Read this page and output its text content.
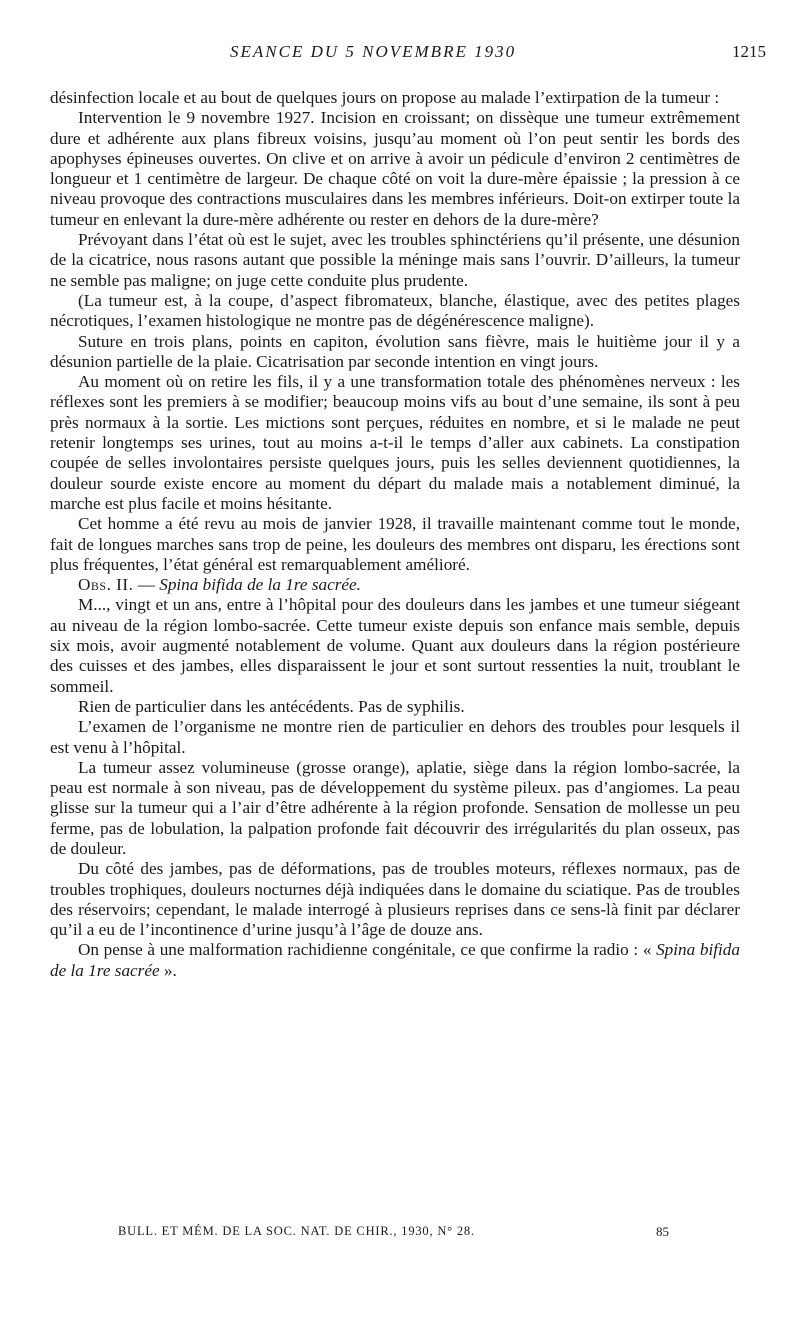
SEANCE DU 5 NOVEMBRE 1930	1215

désinfection locale et au bout de quelques jours on propose au malade l’extirpation de la tumeur :

Intervention le 9 novembre 1927. Incision en croissant; on dissèque une tumeur extrêmement dure et adhérente aux plans fibreux voisins, jusqu’au moment où l’on peut sentir les bords des apophyses épineuses ouvertes. On clive et on arrive à avoir un pédicule d’environ 2 centimètres de longueur et 1 centimètre de largeur. De chaque côté on voit la dure-mère épaissie ; la pression à ce niveau provoque des contractions musculaires dans les membres inférieurs. Doit-on extirper toute la tumeur en enlevant la dure-mère adhérente ou rester en dehors de la dure-mère?

Prévoyant dans l’état où est le sujet, avec les troubles sphinctériens qu’il présente, une désunion de la cicatrice, nous rasons autant que possible la méninge mais sans l’ouvrir. D’ailleurs, la tumeur ne semble pas maligne; on juge cette conduite plus prudente.

(La tumeur est, à la coupe, d’aspect fibromateux, blanche, élastique, avec des petites plages nécrotiques, l’examen histologique ne montre pas de dégénérescence maligne).

Suture en trois plans, points en capiton, évolution sans fièvre, mais le huitième jour il y a désunion partielle de la plaie. Cicatrisation par seconde intention en vingt jours.

Au moment où on retire les fils, il y a une transformation totale des phénomènes nerveux : les réflexes sont les premiers à se modifier; beaucoup moins vifs au bout d’une semaine, ils sont à peu près normaux à la sortie. Les mictions sont perçues, réduites en nombre, et si le malade ne peut retenir longtemps ses urines, tout au moins a-t-il le temps d’aller aux cabinets. La constipation coupée de selles involontaires persiste quelques jours, puis les selles deviennent quotidiennes, la douleur sourde existe encore au moment du départ du malade mais a notablement diminué, la marche est plus facile et moins hésitante.

Cet homme a été revu au mois de janvier 1928, il travaille maintenant comme tout le monde, fait de longues marches sans trop de peine, les douleurs des membres ont disparu, les érections sont plus fréquentes, l’état général est remarquablement amélioré.

Obs. II. — Spina bifida de la 1re sacrée.

M..., vingt et un ans, entre à l’hôpital pour des douleurs dans les jambes et une tumeur siégeant au niveau de la région lombo-sacrée. Cette tumeur existe depuis son enfance mais semble, depuis six mois, avoir augmenté notablement de volume. Quant aux douleurs dans la région postérieure des cuisses et des jambes, elles disparaissent le jour et sont surtout ressenties la nuit, troublant le sommeil.

Rien de particulier dans les antécédents. Pas de syphilis.

L’examen de l’organisme ne montre rien de particulier en dehors des troubles pour lesquels il est venu à l’hôpital.

La tumeur assez volumineuse (grosse orange), aplatie, siège dans la région lombo-sacrée, la peau est normale à son niveau, pas de développement du système pileux. pas d’angiomes. La peau glisse sur la tumeur qui a l’air d’être adhérente à la région profonde. Sensation de mollesse un peu ferme, pas de lobulation, la palpation profonde fait découvrir des irrégularités du plan osseux, pas de douleur.

Du côté des jambes, pas de déformations, pas de troubles moteurs, réflexes normaux, pas de troubles trophiques, douleurs nocturnes déjà indiquées dans le domaine du sciatique. Pas de troubles des réservoirs; cependant, le malade interrogé à plusieurs reprises dans ce sens-là finit par déclarer qu’il a eu de l’incontinence d’urine jusqu’à l’âge de douze ans.

On pense à une malformation rachidienne congénitale, ce que confirme la radio : « Spina bifida de la 1re sacrée ».

BULL. ET MÉM. DE LA SOC. NAT. DE CHIR., 1930, N° 28.	85
